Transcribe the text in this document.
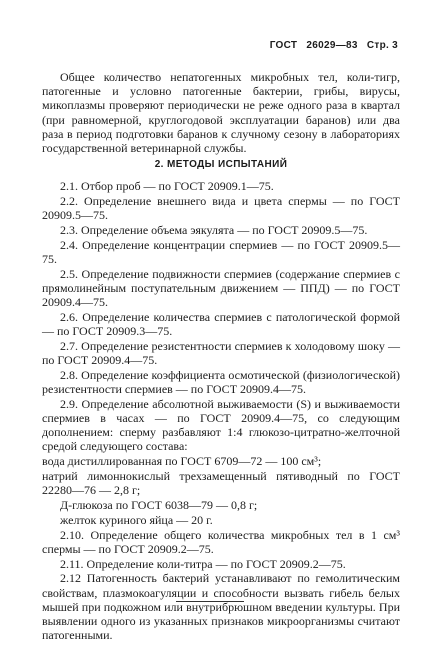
ГОСТ 26029—83 Стр. 3
Общее количество непатогенных микробных тел, коли-тигр, патогенные и условно патогенные бактерии, грибы, вирусы, микоплазмы проверяют периодически не реже одного раза в квартал (при равномерной, круглогодовой эксплуатации баранов) или два раза в период подготовки баранов к случному сезону в лабораториях государственной ветеринарной службы.
2. МЕТОДЫ ИСПЫТАНИЙ

2.1. Отбор проб — по ГОСТ 20909.1—75.

2.2. Определение внешнего вида и цвета спермы — по ГОСТ 20909.5—75.

2.3. Определение объема эякулята — по ГОСТ 20909.5—75.

2.4. Определение концентрации спермиев — по ГОСТ 20909.5—75.

2.5. Определение подвижности спермиев (содержание спермиев с прямолинейным поступательным движением — ППД) — по ГОСТ 20909.4—75.

2.6. Определение количества спермиев с патологической формой — по ГОСТ 20909.3—75.

2.7. Определение резистентности спермиев к холодовому шоку — по ГОСТ 20909.4—75.

2.8. Определение коэффициента осмотической (физиологической) резистентности спермиев — по ГОСТ 20909.4—75.

2.9. Определение абсолютной выживаемости (S) и выживаемости спермиев в часах — по ГОСТ 20909.4—75, со следующим дополнением: сперму разбавляют 1:4 глюкозо-цитратно-желточной средой следующего состава:

вода дистиллированная по ГОСТ 6709—72 — 100 см³;

натрий лимоннокислый трехзамещенный пятиводный по ГОСТ 22280—76 — 2,8 г;

Д-глюкоза по ГОСТ 6038—79 — 0,8 г;

желток куриного яйца — 20 г.

2.10. Определение общего количества микробных тел в 1 см³ спермы — по ГОСТ 20909.2—75.

2.11. Определение коли-титра — по ГОСТ 20909.2—75.

2.12 Патогенность бактерий устанавливают по гемолитическим свойствам, плазмокоагуляции и способности вызвать гибель белых мышей при подкожном или внутрибрюшном введении культуры. При выявлении одного из указанных признаков микроорганизмы считают патогенными.
